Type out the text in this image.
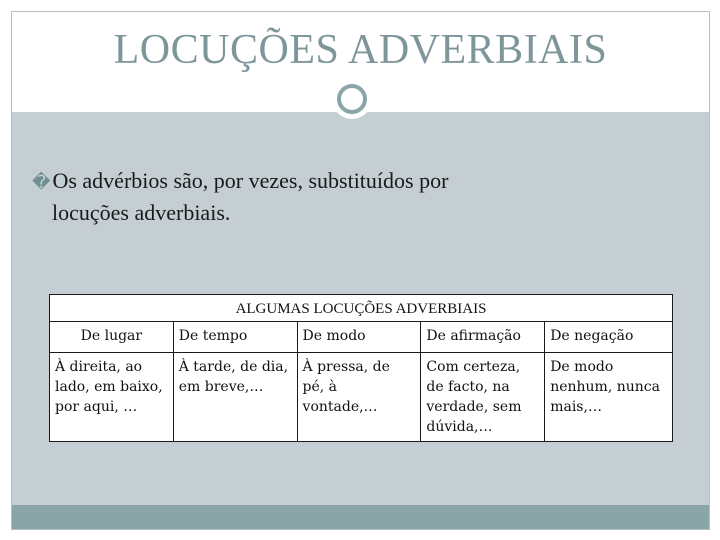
LOCUÇÕES ADVERBIAIS
�Os advérbios são, por vezes, substituídos por
locuções adverbiais.
ALGUMAS LOCUÇÕES ADVERBIAIS				
De lugar	De tempo	De modo	De afirmação	De negação
À direita, ao lado, em baixo, por aqui, …	À tarde, de dia, em breve,…	À pressa, de pé, à vontade,…	Com certeza, de facto, na verdade, sem dúvida,…	De modo nenhum, nunca mais,…
